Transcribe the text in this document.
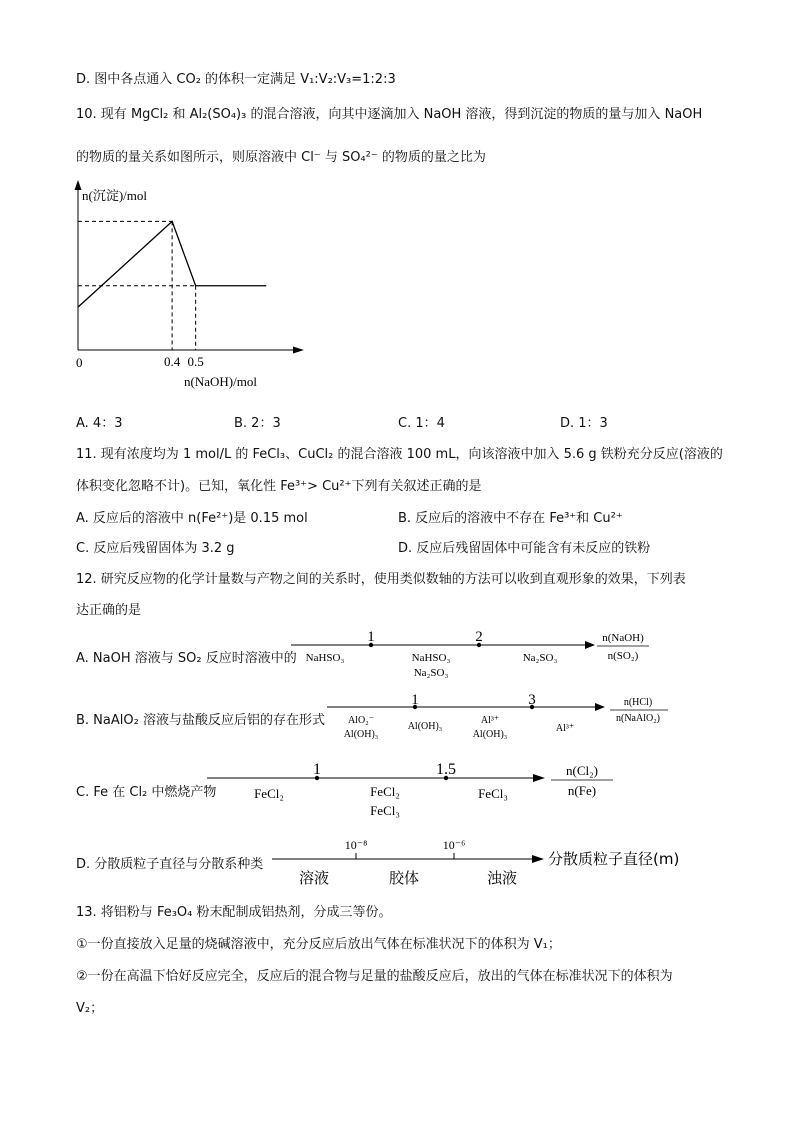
D. 图中各点通入 CO₂ 的体积一定满足 V₁:V₂:V₃=1:2:3
10. 现有 MgCl₂ 和 Al₂(SO₄)₃ 的混合溶液，向其中逐滴加入 NaOH 溶液，得到沉淀的物质的量与加入 NaOH
的物质的量关系如图所示，则原溶液中 Cl⁻ 与 SO₄²⁻ 的物质的量之比为
n(沉淀)/mol
n(NaOH)/mol
0	0.4 0.5
A. 4：3	B. 2：3	C. 1：4	D. 1：3
11. 现有浓度均为 1 mol/L 的 FeCl₃、CuCl₂ 的混合溶液 100 mL，向该溶液中加入 5.6 g 铁粉充分反应(溶液的
体积变化忽略不计)。已知，氧化性 Fe³⁺> Cu²⁺下列有关叙述正确的是
A. 反应后的溶液中 n(Fe²⁺)是 0.15 mol	B. 反应后的溶液中不存在 Fe³⁺和 Cu²⁺
C. 反应后残留固体为 3.2 g	D. 反应后残留固体中可能含有未反应的铁粉
12. 研究反应物的化学计量数与产物之间的关系时，使用类似数轴的方法可以收到直观形象的效果，下列表
达正确的是
A. NaOH 溶液与 SO₂ 反应时溶液中的
1	2
NaHSO₃	NaHSO₃
Na₂SO₃
Na₂SO₃
n(NaOH)
n(SO₂)
B. NaAlO₂ 溶液与盐酸反应后铝的存在形式
1	3
AlO₂⁻
Al(OH)₃
Al(OH)₃
Al³⁺
Al(OH)₃
Al³⁺
n(HCl)
n(NaAlO₂)
C. Fe 在 Cl₂ 中燃烧产物
1	1.5
FeCl₂	FeCl₂
FeCl₃
FeCl₃
n(Cl₂)
n(Fe)
D. 分散质粒子直径与分散系种类
10⁻⁸	10⁻⁶
溶液	胶体	浊液
分散质粒子直径(m)
13. 将铝粉与 Fe₃O₄ 粉末配制成铝热剂，分成三等份。
①一份直接放入足量的烧碱溶液中，充分反应后放出气体在标准状况下的体积为 V₁；
②一份在高温下恰好反应完全，反应后的混合物与足量的盐酸反应后，放出的气体在标准状况下的体积为
V₂；
